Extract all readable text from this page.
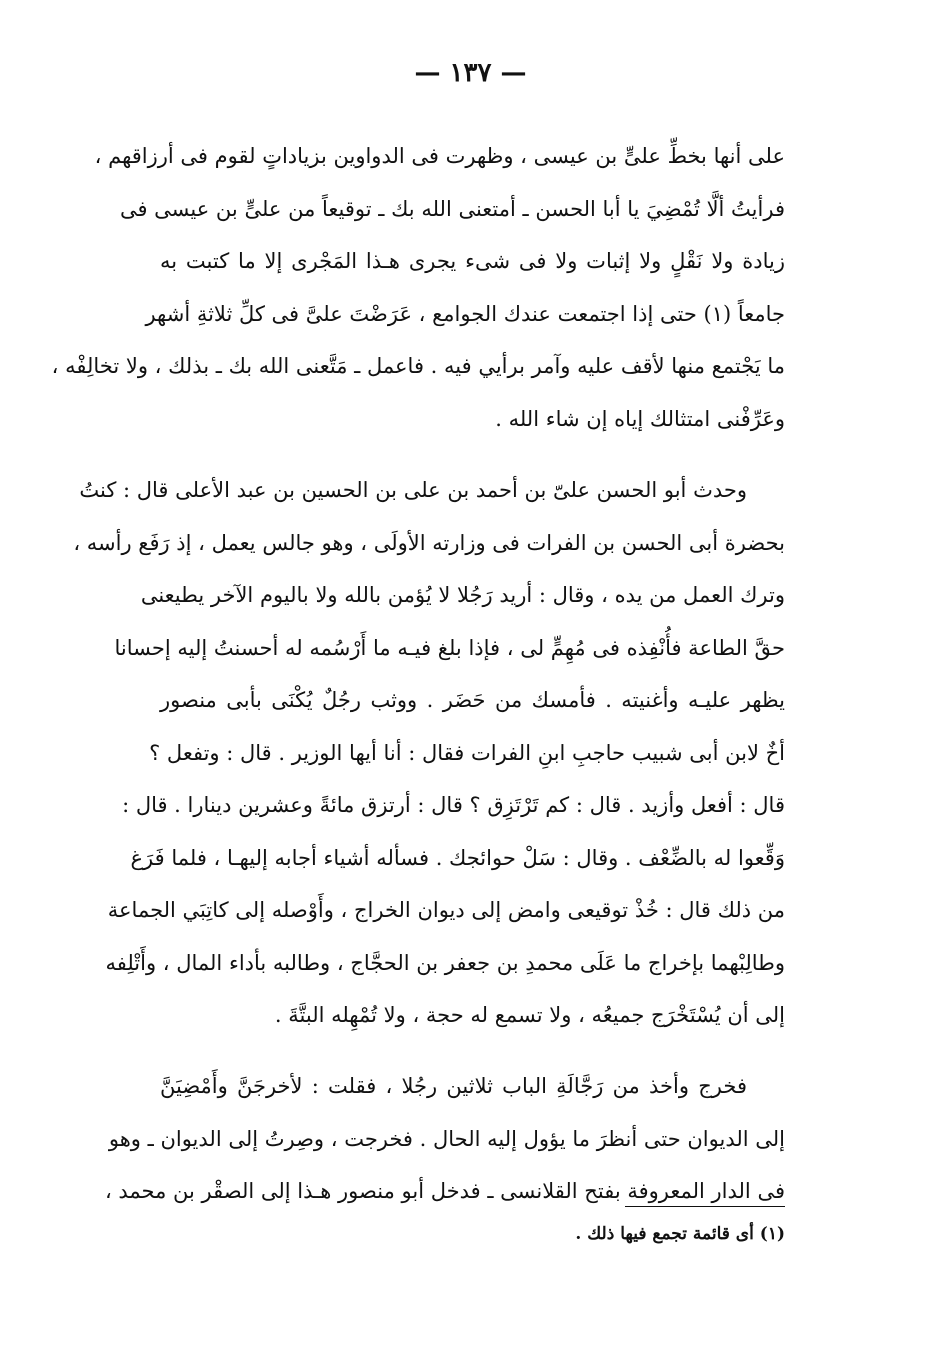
— ١٣٧ —
على أنها بخطِّ علىٍّ بن عيسى ، وظهرت فى الدواوين بزياداتٍ لقوم فى أرزاقهم ،
فرأيتُ ألَّا تُمْضِيَ يا أبا الحسن ـ أمتعنى الله بك ـ توقيعاً من علىٍّ بن عيسى فى
زيادة ولا نَقْلٍ ولا إثبات ولا فى شىء يجرى هـذا المَجْرى إلا ما كتبت به
جامعاً (١) حتى إذا اجتمعت عندك الجوامع ، عَرَضْتَ علىَّ فى كلِّ ثلاثةِ أشهر
ما يَجْتمع منها لأقف عليه وآمر برأيي فيه . فاعمل ـ مَتَّعنى الله بك ـ بذلك ، ولا تخالِفْه ،
وعَرِّفْنى امتثالك إياه إن شاء الله .
وحدث أبو الحسن علىّ بن أحمد بن على بن الحسين بن عبد الأعلى قال : كنتُ
بحضرة أبى الحسن بن الفرات فى وزارته الأولَى ، وهو جالس يعمل ، إذ رَفَع رأسه ،
وترك العمل من يده ، وقال : أريد رَجُلا لا يُؤمن بالله ولا باليوم الآخر يطيعنى
حقَّ الطاعة فأُنْفِذه فى مُهِمٍّ لى ، فإذا بلغ فيـه ما أَرْسُمه له أحسنتُ إليه إحسانا
يظهر عليـه وأغنيته . فأمسك من حَضَر . ووثب رجُلٌ يُكْنَى بأبى منصور
أخٌ لابن أبى شبيب حاجبِ ابنِ الفرات فقال : أنا أيها الوزير . قال : وتفعل ؟
قال : أفعل وأزيد . قال : كم تَرْتَزِق ؟ قال : أرتزق مائةً وعشرين دينارا . قال :
وَقِّعوا له بالضِّعْف . وقال : سَلْ حوائجك . فسأله أشياء أجابه إليهـا ، فلما فَرَغ
من ذلك قال : خُذْ توقيعى وامض إلى ديوان الخراج ، وأَوْصله إلى كاتِبَي الجماعة
وطالِبْهما بإخراج ما عَلَى محمدِ بن جعفر بن الحجَّاج ، وطالبه بأداء المال ، وأَتْلِفه
إلى أن يُسْتَخْرَج جميعُه ، ولا تسمع له حجة ، ولا تُمْهِله البتَّةَ .
فخرج وأخذ من رَجَّالَةِ الباب ثلاثين رجُلا ، فقلت : لأخرجَنَّ وأَمْضِيَنَّ
إلى الديوان حتى أنظرَ ما يؤول إليه الحال . فخرجت ، وصِرتُ إلى الديوان ـ وهو
فى الدار المعروفة بفتح القلانسى ـ فدخل أبو منصور هـذا إلى الصقْر بن محمد ،
(١) أى قائمة تجمع فيها ذلك .
